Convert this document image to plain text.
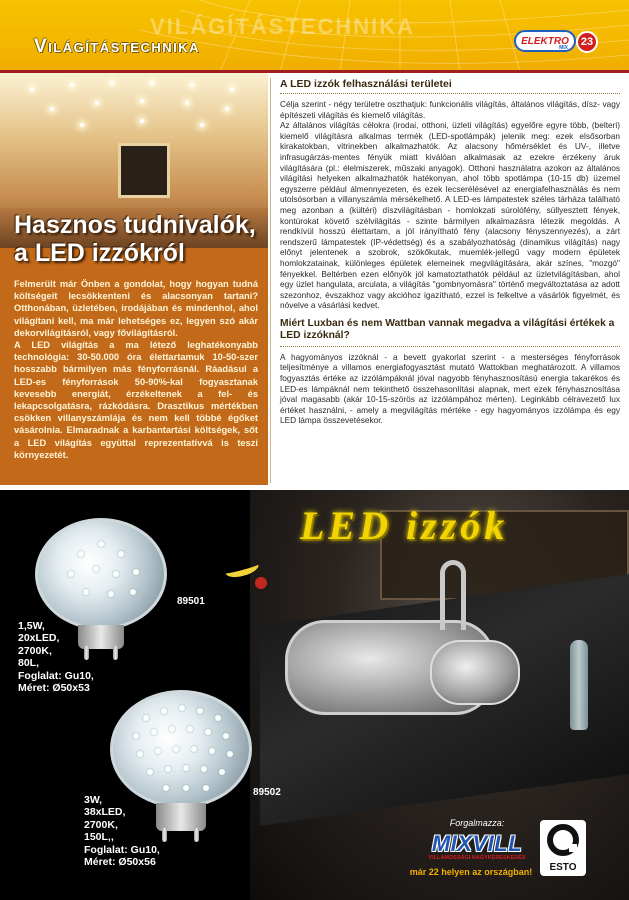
VILÁGÍTÁSTECHNIKA
Világítástechnika	ELEKTRO
MIX	23
Hasznos tudnivalók,
a LED izzókról

Felmerült már Önben a gondolat, hogy hogyan tudná költségeit lecsökkenteni és alacsonyan tartani? Otthonában, üzletében, irodájában és mindenhol, ahol világítani kell, ma már lehetséges ez, legyen szó akár dekorvilágításról, vagy fővilágításról.

A LED világítás a ma létező leghatékonyabb technológia: 30-50.000 óra élettartamuk 10-50-szer hosszabb bármilyen más fényforrásnál. Ráadásul a LED-es fényforrások 50-90%-kal fogyasztanak kevesebb energiát, érzékeltenek a fel- és lekapcsolgatásra, rázkódásra. Drasztikus mértékben csökken villanyszámlája és nem kell többé égőket vásárolnia. Elmaradnak a karbantartási költségek, sőt a LED világítás együttal reprezentatívvá is teszi környezetét.

A LED izzók felhasználási területei
Célja szerint - négy területre oszthatjuk: funkcionális világítás, általános világítás, dísz- vagy építészeti világítás és kiemelő világítás.
Az általános világítás célokra (irodai, otthoni, üzleti világítás) egyelőre egyre több, (belteri) kiemelő világításra alkalmas termék (LED-spotlámpák) jelenik meg: ezek elsősorban kirakatokban, vitrinekben alkalmazhatók. Az alacsony hőmérséklet és UV-, illetve infrasugárzás-mentes fényük miatt kiválóan alkalmasak az ezekre érzékeny áruk világítására (pl.: élelmiszerek, műszaki anyagok). Otthoni használatra azokon az általános világítási helyeken alkalmazhatók hatékonyan, ahol több spotlámpa (10-15 db) üzemel egyszerre például álmennyezeten, és ezek lecserélésével az energiafelhasználás és nem utolsósorban a villanyszámla mérsékelhető. A LED-es lámpatestek széles tárháza található meg azonban a (kültéri) díszvilágításban - homlokzati súrolófény, süllyesztett fények, kontúrokat követő szélvilágítás - szinte bármilyen alkalmazásra létezik megoldás. A rendkívül hosszú élettartam, a jól irányítható fény (alacsony fényszennyezés), a zárt rendszerű lámpatestek (IP-védettség) és a szabályozhatóság (dinamikus világítás) nagy előnyt jelentenek a szobrok, szökőkutak, muemlék-jellegű vagy modern épületek homlokzatainak, különleges épületek elemeinek megvilágítására, akár színes, "mozgó" fényekkel. Beltérben ezen előnyök jól kamatoztathatók például az üzletvilágításban, ahol egy üzlet hangulata, arculata, a világítás "gombnyomásra" történő megváltoztatása az adott szezonhoz, évszakhoz vagy akcióhoz igazítható, ezzel is felkeltve a vásárlók figyelmét, és növelve a vásárlási kedvet.
Miért Luxban és nem Wattban vannak megadva a világítási értékek a LED izzóknál?
A hagyományos izzóknál - a bevett gyakorlat szerint - a mesterséges fényforrások teljesítménye a villamos energiafogyasztást mutató Wattokban meghatározott. A villamos fogyasztás értéke az izzólámpáknál jóval nagyobb fényhasznosítású energia takarékos és LED-es lámpáknál nem tekinthető összehasonlítási alapnak, mert ezek fényhasznosítása jóval magasabb (akár 10-15-szörös az izzólámpához mérten). Leginkább célravezető lux értéket használni, - amely a megvilágítás mértéke - egy hagyományos izzólámpa és egy LED lámpa összevetésekor.
LED izzók
89501
1,5W,
20xLED,
2700K,
80L,
Foglalat: Gu10,
Méret: Ø50x53
89502
3W,
38xLED,
2700K,
150L,,
Foglalat: Gu10,
Méret: Ø50x56
Forgalmazza:
MIXVILL
VILLAMOSSÁGI NAGYKERESKEDÉS
már 22 helyen az országban!	ESTO
